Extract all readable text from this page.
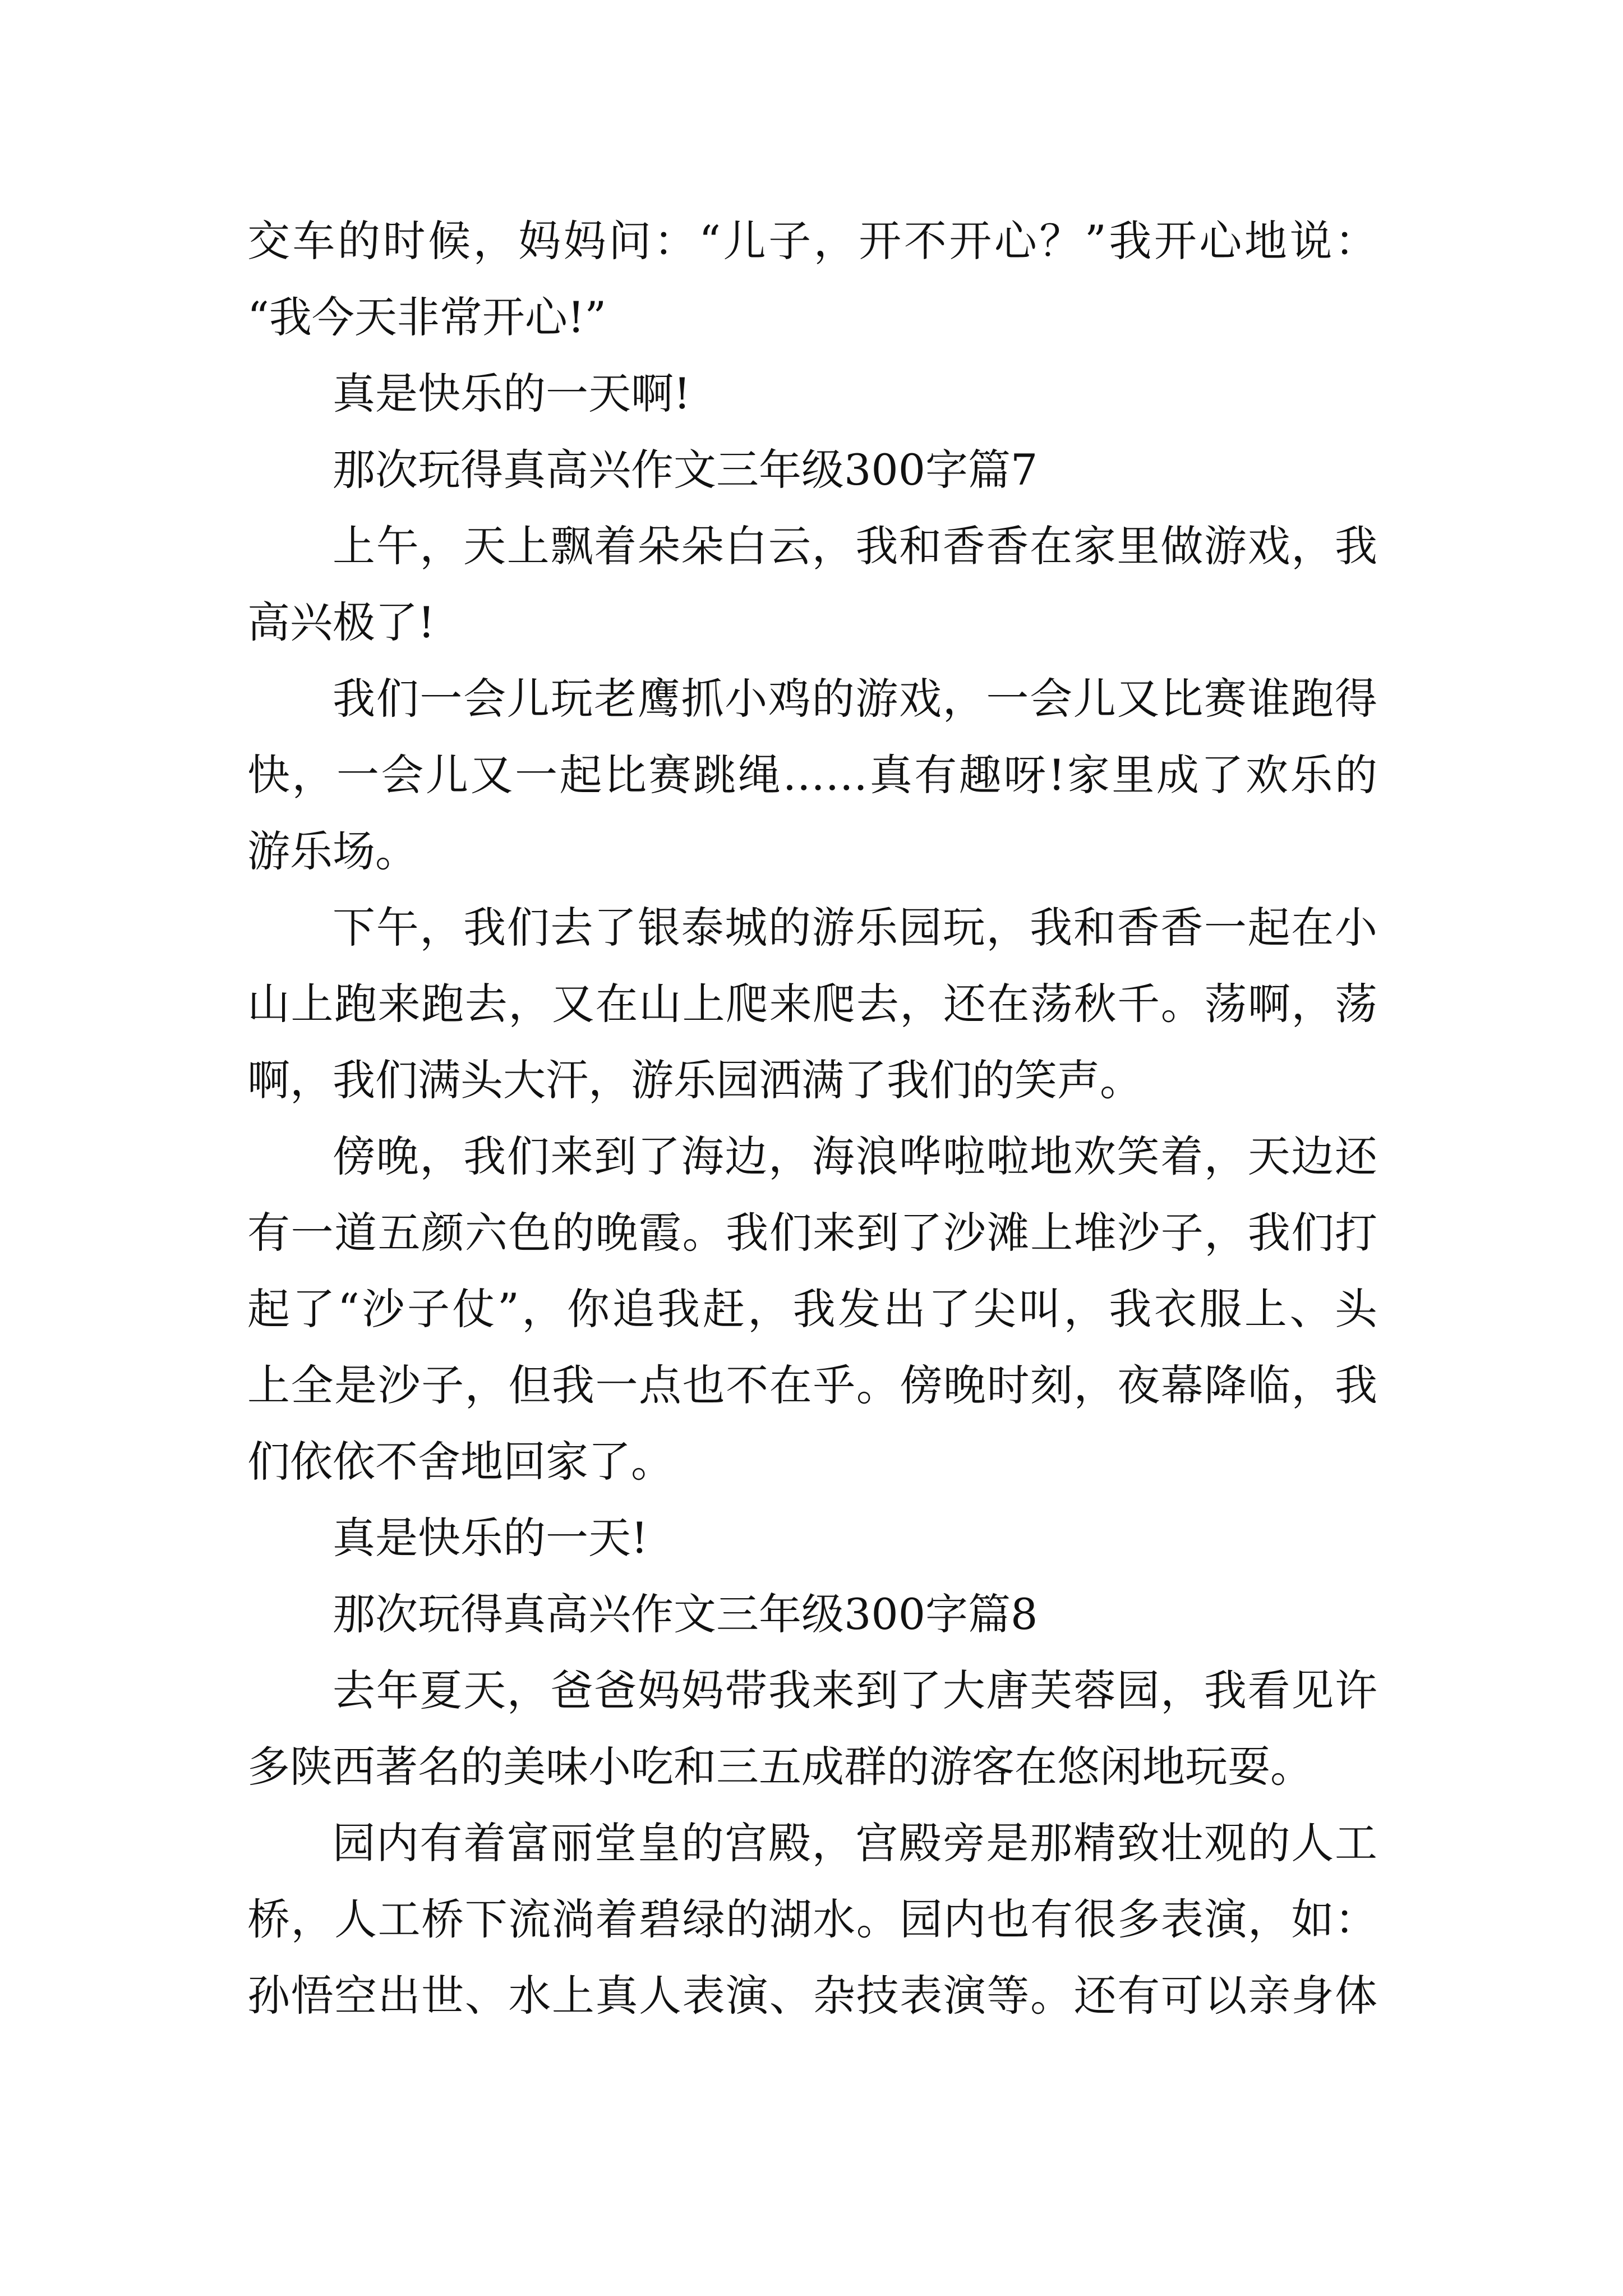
交车的时候，妈妈问：“儿子，开不开心？”我开心地说：
“我今天非常开心!”
真是快乐的一天啊!
那次玩得真高兴作文三年级300字篇7
上午，天上飘着朵朵白云，我和香香在家里做游戏，我
高兴极了!
我们一会儿玩老鹰抓小鸡的游戏，一会儿又比赛谁跑得
快，一会儿又一起比赛跳绳……真有趣呀!家里成了欢乐的
游乐场。
下午，我们去了银泰城的游乐园玩，我和香香一起在小
山上跑来跑去，又在山上爬来爬去，还在荡秋千。荡啊，荡
啊，我们满头大汗，游乐园洒满了我们的笑声。
傍晚，我们来到了海边，海浪哗啦啦地欢笑着，天边还
有一道五颜六色的晚霞。我们来到了沙滩上堆沙子，我们打
起了“沙子仗”，你追我赶，我发出了尖叫，我衣服上、头
上全是沙子，但我一点也不在乎。傍晚时刻，夜幕降临，我
们依依不舍地回家了。
真是快乐的一天!
那次玩得真高兴作文三年级300字篇8
去年夏天，爸爸妈妈带我来到了大唐芙蓉园，我看见许
多陕西著名的美味小吃和三五成群的游客在悠闲地玩耍。
园内有着富丽堂皇的宫殿，宫殿旁是那精致壮观的人工
桥，人工桥下流淌着碧绿的湖水。园内也有很多表演，如：
孙悟空出世、水上真人表演、杂技表演等。还有可以亲身体
